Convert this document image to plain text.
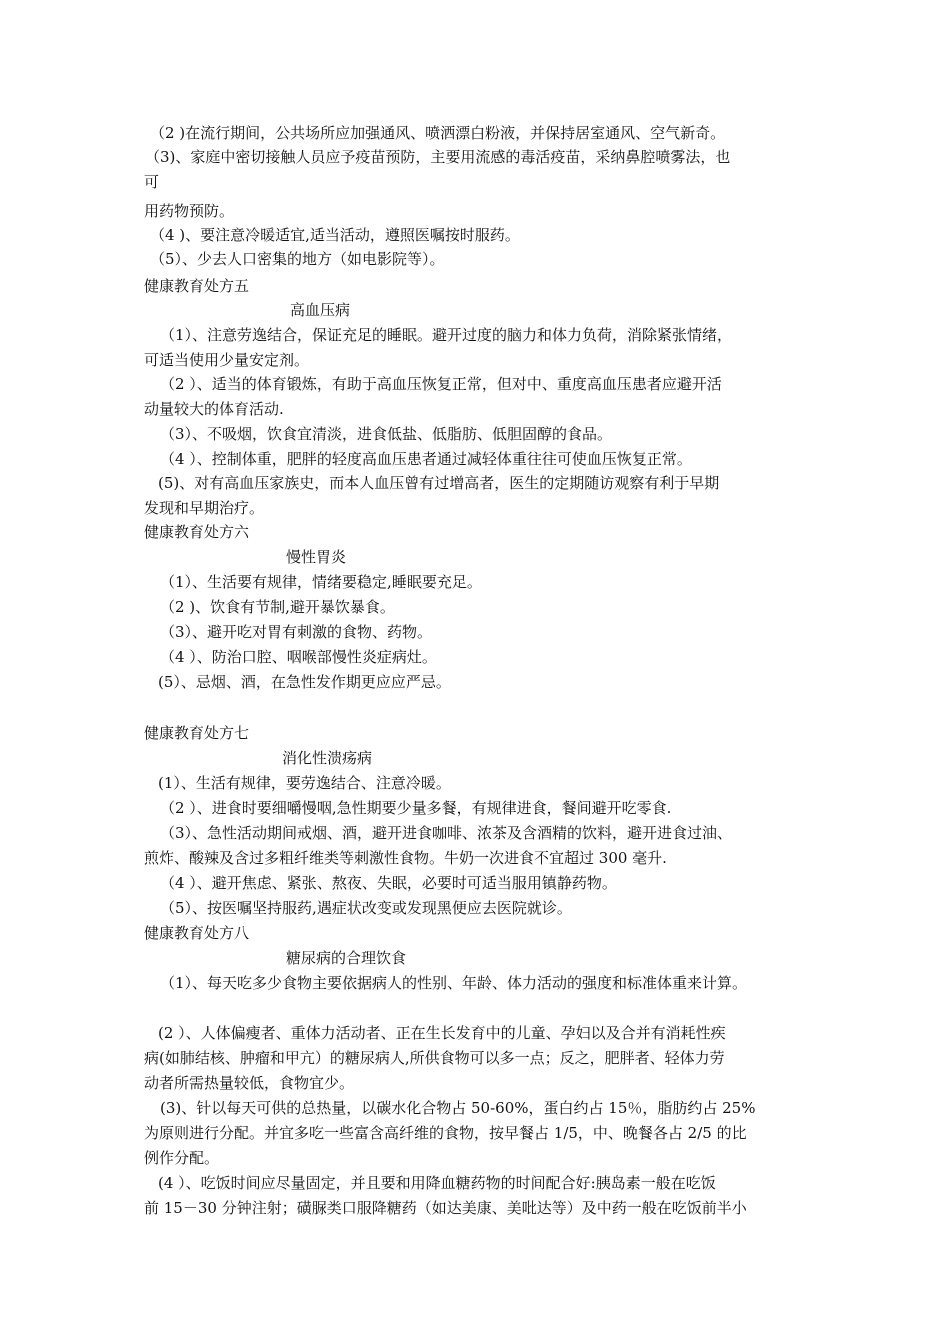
（2 )在流行期间，公共场所应加强通风、喷洒漂白粉液，并保持居室通风、空气新奇。
（3)、家庭中密切接触人员应予疫苗预防，主要用流感的毒活疫苗，采纳鼻腔喷雾法，也
可
用药物预防。
（4 )、要注意冷暖适宜,适当活动，遵照医嘱按时服药。
（5）、少去人口密集的地方（如电影院等）。
健康教育处方五
高血压病
（1）、注意劳逸结合，保证充足的睡眠。避开过度的脑力和体力负荷，消除紧张情绪，
可适当使用少量安定剂。
（2 ）、适当的体育锻炼，有助于高血压恢复正常，但对中、重度高血压患者应避开活
动量较大的体育活动.
（3）、不吸烟，饮食宜清淡，进食低盐、低脂肪、低胆固醇的食品。
（4 ）、控制体重，肥胖的轻度高血压患者通过减轻体重往往可使血压恢复正常。
(5)、对有高血压家族史，而本人血压曾有过增高者，医生的定期随访观察有利于早期
发现和早期治疗。
健康教育处方六
慢性胃炎
（1）、生活要有规律，情绪要稳定,睡眠要充足。
（2 )、饮食有节制,避开暴饮暴食。
（3）、避开吃对胃有刺激的食物、药物。
（4 ）、防治口腔、咽喉部慢性炎症病灶。
(5）、忌烟、酒，在急性发作期更应应严忌。
健康教育处方七
消化性溃疡病
(1）、生活有规律，要劳逸结合、注意冷暖。
（2 ）、进食时要细嚼慢咽,急性期要少量多餐，有规律进食，餐间避开吃零食.
（3）、急性活动期间戒烟、酒，避开进食咖啡、浓茶及含酒精的饮料，避开进食过油、
煎炸、酸辣及含过多粗纤维类等刺激性食物。牛奶一次进食不宜超过 300 毫升.
（4 ）、避开焦虑、紧张、熬夜、失眠，必要时可适当服用镇静药物。
（5）、按医嘱坚持服药,遇症状改变或发现黑便应去医院就诊。
健康教育处方八
糖尿病的合理饮食
（1）、每天吃多少食物主要依据病人的性别、年龄、体力活动的强度和标准体重来计算。
(2 ）、人体偏瘦者、重体力活动者、正在生长发育中的儿童、孕妇以及合并有消耗性疾
病(如肺结核、肿瘤和甲亢）的糖尿病人,所供食物可以多一点；反之，肥胖者、轻体力劳
动者所需热量较低，食物宜少。
(3)、针以每天可供的总热量，以碳水化合物占 50-60%，蛋白约占 15％，脂肪约占 25%
为原则进行分配。并宜多吃一些富含高纤维的食物，按早餐占 1/5，中、晚餐各占 2/5 的比
例作分配。
(4 ）、吃饭时间应尽量固定，并且要和用降血糖药物的时间配合好:胰岛素一般在吃饭
前 15－30 分钟注射；磺脲类口服降糖药（如达美康、美吡达等）及中药一般在吃饭前半小
